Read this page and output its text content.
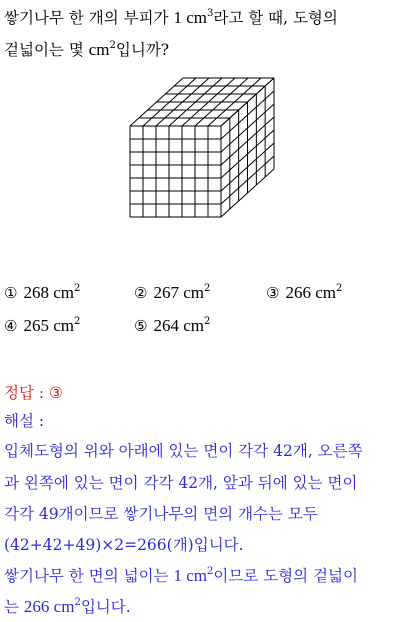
쌓기나무 한 개의 부피가 1 $cm^3$라고 할 때, 도형의
겉넓이는 몇 $cm^2$입니까?
① 268 $cm^2$	② 267 $cm^2$	③ 266 $cm^2$
④ 265 $cm^2$	⑤ 264 $cm^2$
정답 : ③
해설 :
입체도형의 위와 아래에 있는 면이 각각 42개, 오른쪽
과 왼쪽에 있는 면이 각각 42개, 앞과 뒤에 있는 면이
각각 49개이므로 쌓기나무의 면의 개수는 모두
(42+42+49)×2=266(개)입니다.
쌓기나무 한 면의 넓이는 1 $cm^2$이므로 도형의 겉넓이
는 266 $cm^2$입니다.
